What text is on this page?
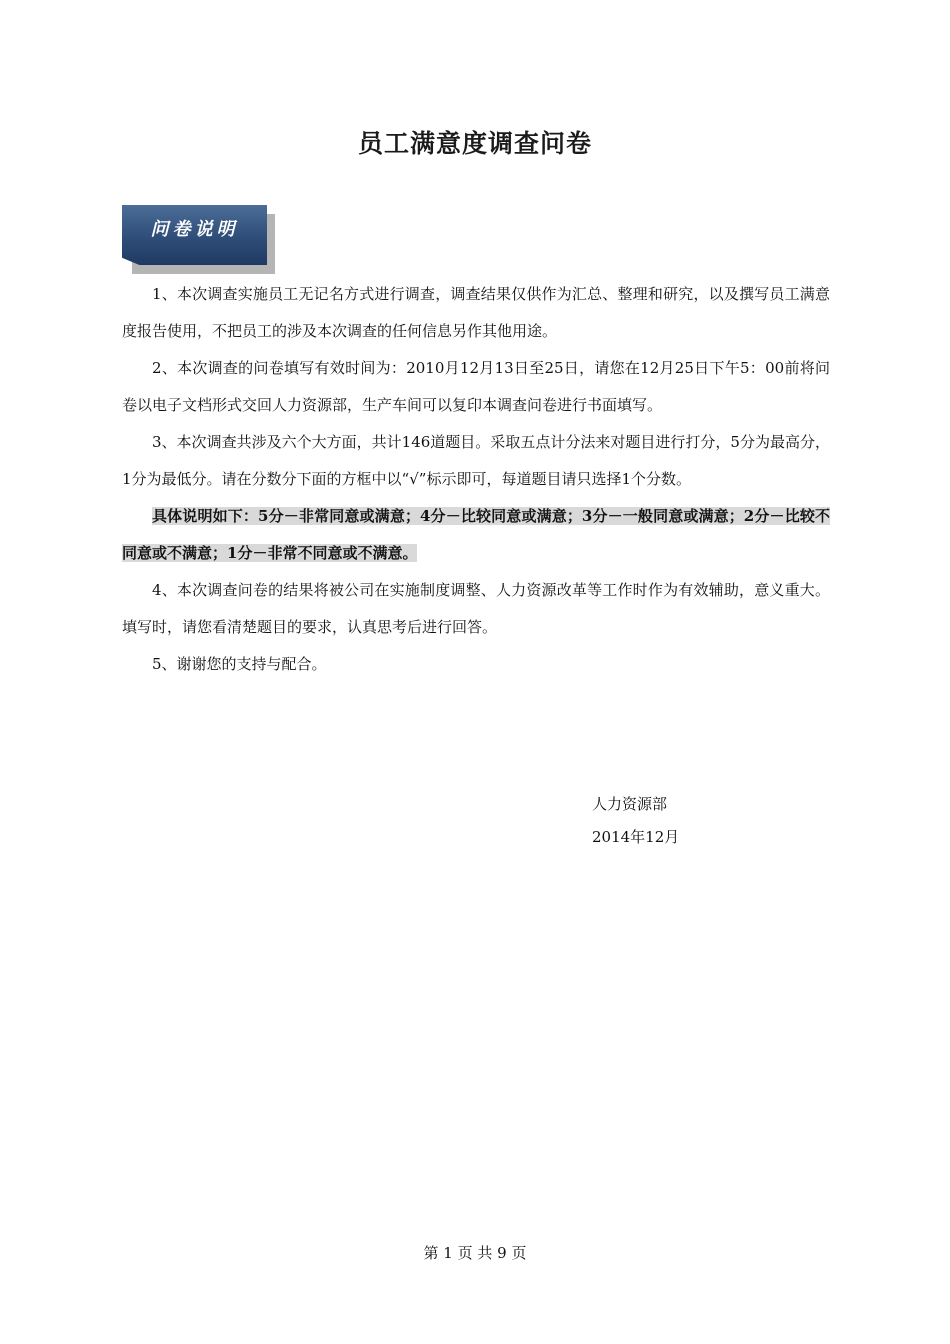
员工满意度调查问卷
问卷说明

1、本次调查实施员工无记名方式进行调查，调查结果仅供作为汇总、整理和研究，以及撰写员工满意度报告使用，不把员工的涉及本次调查的任何信息另作其他用途。

2、本次调查的问卷填写有效时间为：2010月12月13日至25日，请您在12月25日下午5：00前将问卷以电子文档形式交回人力资源部，生产车间可以复印本调查问卷进行书面填写。

3、本次调查共涉及六个大方面，共计146道题目。采取五点计分法来对题目进行打分，5分为最高分，1分为最低分。请在分数分下面的方框中以“√”标示即可，每道题目请只选择1个分数。

具体说明如下：5分－非常同意或满意；4分－比较同意或满意；3分－一般同意或满意；2分－比较不同意或不满意；1分－非常不同意或不满意。

4、本次调查问卷的结果将被公司在实施制度调整、人力资源改革等工作时作为有效辅助，意义重大。填写时，请您看清楚题目的要求，认真思考后进行回答。

5、谢谢您的支持与配合。

人力资源部
2014年12月
第 1 页 共 9 页
